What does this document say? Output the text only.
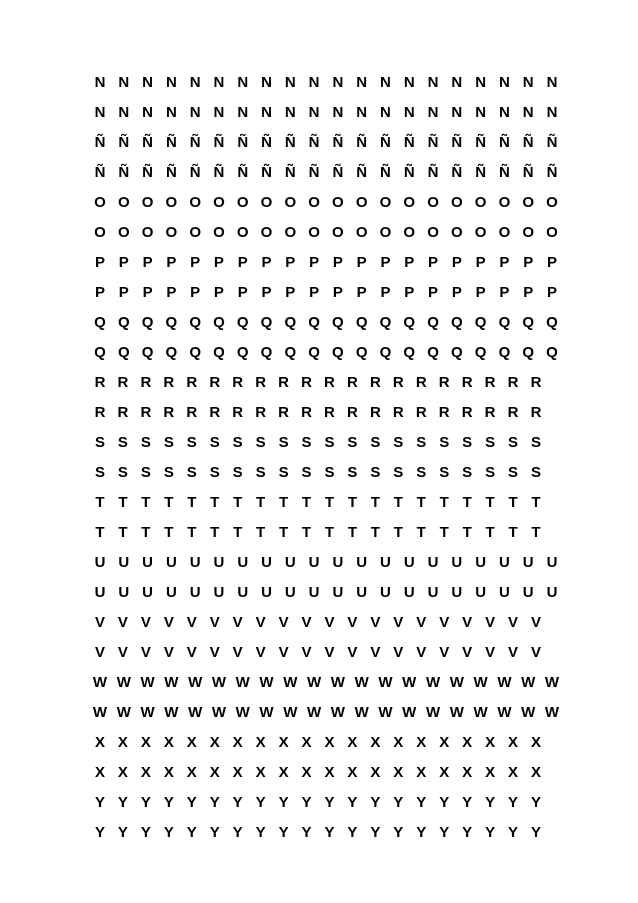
N N N N N N N N N N N N N N N N N N N N
N N N N N N N N N N N N N N N N N N N N
Ñ Ñ Ñ Ñ Ñ Ñ Ñ Ñ Ñ Ñ Ñ Ñ Ñ Ñ Ñ Ñ Ñ Ñ Ñ Ñ
Ñ Ñ Ñ Ñ Ñ Ñ Ñ Ñ Ñ Ñ Ñ Ñ Ñ Ñ Ñ Ñ Ñ Ñ Ñ Ñ
O O O O O O O O O O O O O O O O O O O O
O O O O O O O O O O O O O O O O O O O O
P P P P P P P P P P P P P P P P P P P P
P P P P P P P P P P P P P P P P P P P P
Q Q Q Q Q Q Q Q Q Q Q Q Q Q Q Q Q Q Q Q
Q Q Q Q Q Q Q Q Q Q Q Q Q Q Q Q Q Q Q Q
R R R R R R R R R R R R R R R R R R R R
R R R R R R R R R R R R R R R R R R R R
S S S S S S S S S S S S S S S S S S S S
S S S S S S S S S S S S S S S S S S S S
T T T T T T T T T T T T T T T T T T T T
T T T T T T T T T T T T T T T T T T T T
U U U U U U U U U U U U U U U U U U U U
U U U U U U U U U U U U U U U U U U U U
V V V V V V V V V V V V V V V V V V V V
V V V V V V V V V V V V V V V V V V V V
W W W W W W W W W W W W W W W W W W W W
W W W W W W W W W W W W W W W W W W W W
X X X X X X X X X X X X X X X X X X X X
X X X X X X X X X X X X X X X X X X X X
Y Y Y Y Y Y Y Y Y Y Y Y Y Y Y Y Y Y Y Y
Y Y Y Y Y Y Y Y Y Y Y Y Y Y Y Y Y Y Y Y
